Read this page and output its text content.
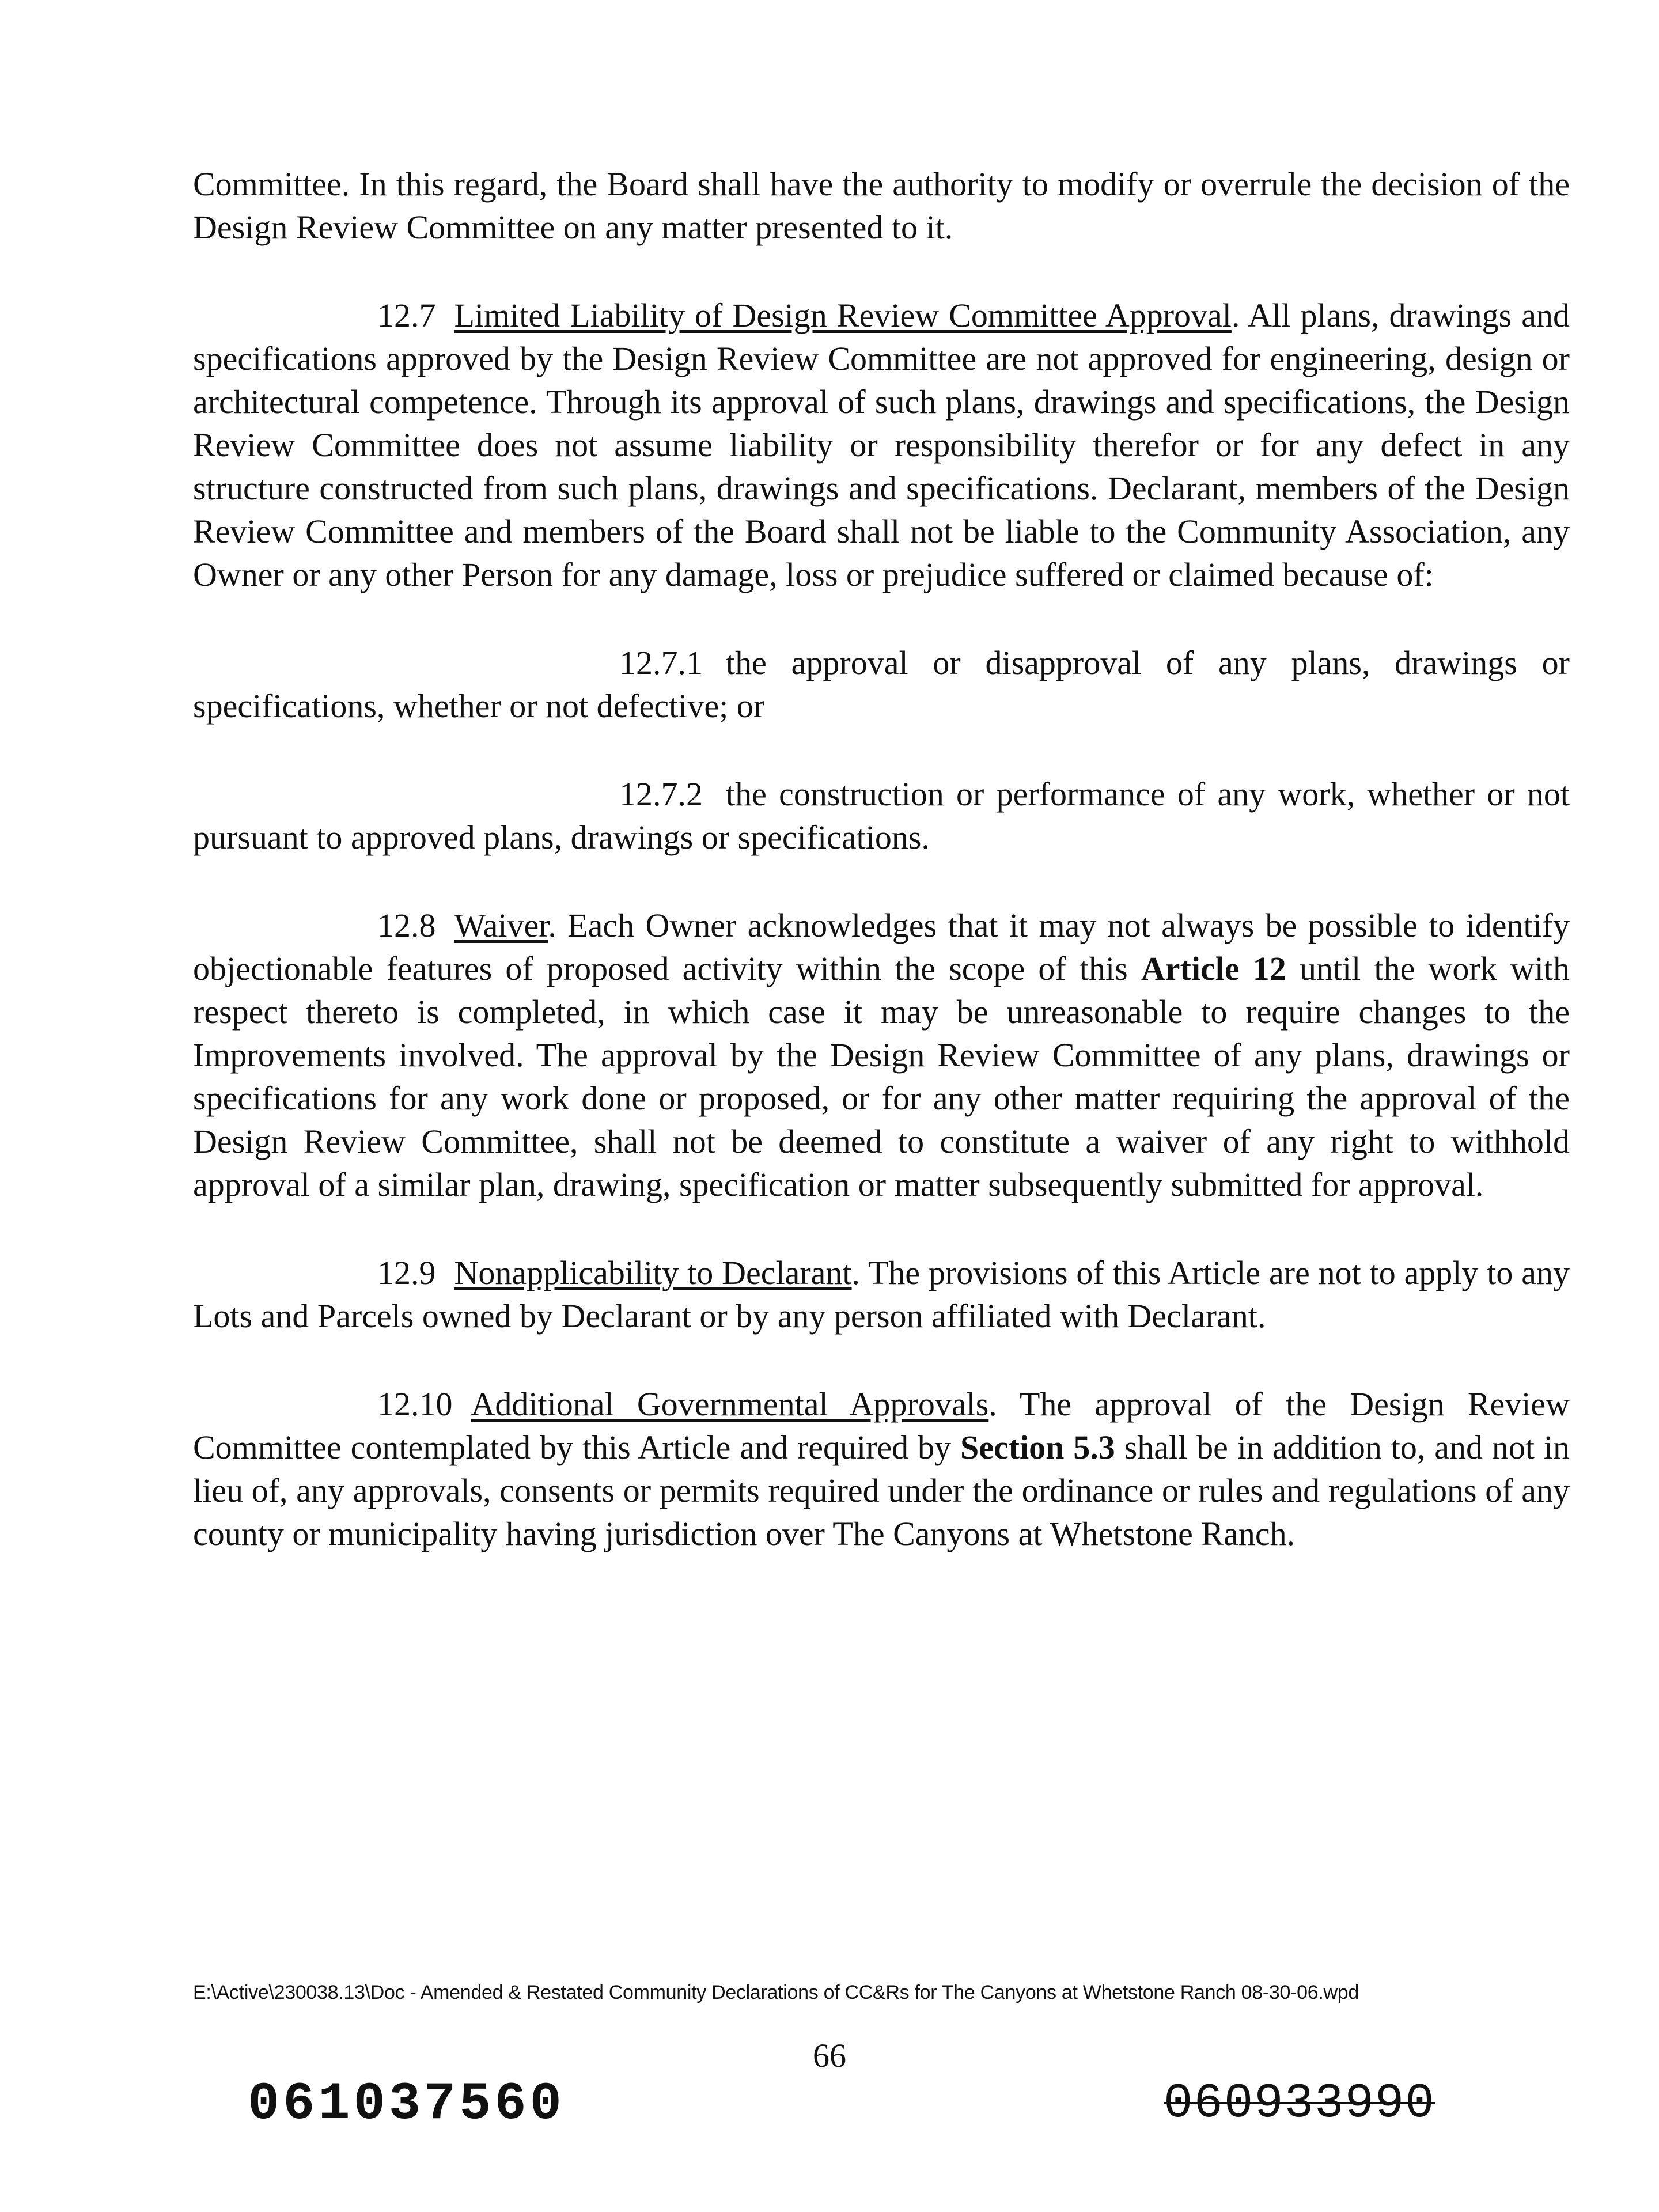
Committee. In this regard, the Board shall have the authority to modify or overrule the decision of the Design Review Committee on any matter presented to it.

12.7 Limited Liability of Design Review Committee Approval. All plans, drawings and specifications approved by the Design Review Committee are not approved for engineering, design or architectural competence. Through its approval of such plans, drawings and specifications, the Design Review Committee does not assume liability or responsibility therefor or for any defect in any structure constructed from such plans, drawings and specifications. Declarant, members of the Design Review Committee and members of the Board shall not be liable to the Community Association, any Owner or any other Person for any damage, loss or prejudice suffered or claimed because of:

12.7.1 the approval or disapproval of any plans, drawings or specifications, whether or not defective; or

12.7.2 the construction or performance of any work, whether or not pursuant to approved plans, drawings or specifications.

12.8 Waiver. Each Owner acknowledges that it may not always be possible to identify objectionable features of proposed activity within the scope of this Article 12 until the work with respect thereto is completed, in which case it may be unreasonable to require changes to the Improvements involved. The approval by the Design Review Committee of any plans, drawings or specifications for any work done or proposed, or for any other matter requiring the approval of the Design Review Committee, shall not be deemed to constitute a waiver of any right to withhold approval of a similar plan, drawing, specification or matter subsequently submitted for approval.

12.9 Nonapplicability to Declarant. The provisions of this Article are not to apply to any Lots and Parcels owned by Declarant or by any person affiliated with Declarant.

12.10 Additional Governmental Approvals. The approval of the Design Review Committee contemplated by this Article and required by Section 5.3 shall be in addition to, and not in lieu of, any approvals, consents or permits required under the ordinance or rules and regulations of any county or municipality having jurisdiction over The Canyons at Whetstone Ranch.

E:\Active\230038.13\Doc - Amended & Restated Community Declarations of CC&Rs for The Canyons at Whetstone Ranch 08-30-06.wpd
66
061037560	060933990
